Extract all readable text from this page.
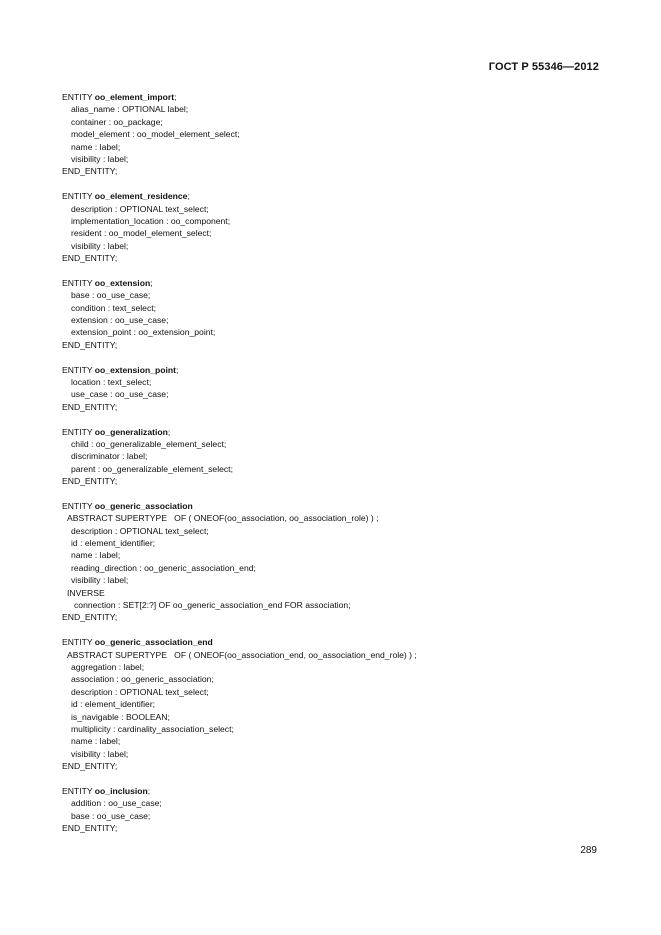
ГОСТ Р 55346—2012
ENTITY oo_element_import;
alias_name : OPTIONAL label;
container : oo_package;
model_element : oo_model_element_select;
name : label;
visibility : label;
END_ENTITY;
ENTITY oo_element_residence;
description : OPTIONAL text_select;
implementation_location : oo_component;
resident : oo_model_element_select;
visibility : label;
END_ENTITY;
ENTITY oo_extension;
base : oo_use_case;
condition : text_select;
extension : oo_use_case;
extension_point : oo_extension_point;
END_ENTITY;
ENTITY oo_extension_point;
location : text_select;
use_case : oo_use_case;
END_ENTITY;
ENTITY oo_generalization;
child : oo_generalizable_element_select;
discriminator : label;
parent : oo_generalizable_element_select;
END_ENTITY;
ENTITY oo_generic_association
ABSTRACT SUPERTYPE   OF ( ONEOF(oo_association, oo_association_role) ) ;
description : OPTIONAL text_select;
id : element_identifier;
name : label;
reading_direction : oo_generic_association_end;
visibility : label;
INVERSE
connection : SET[2:?] OF oo_generic_association_end FOR association;
END_ENTITY;
ENTITY oo_generic_association_end
ABSTRACT SUPERTYPE   OF ( ONEOF(oo_association_end, oo_association_end_role) ) ;
aggregation : label;
association : oo_generic_association;
description : OPTIONAL text_select;
id : element_identifier;
is_navigable : BOOLEAN;
multiplicity : cardinality_association_select;
name : label;
visibility : label;
END_ENTITY;
ENTITY oo_inclusion;
addition : oo_use_case;
base : oo_use_case;
END_ENTITY;
289
